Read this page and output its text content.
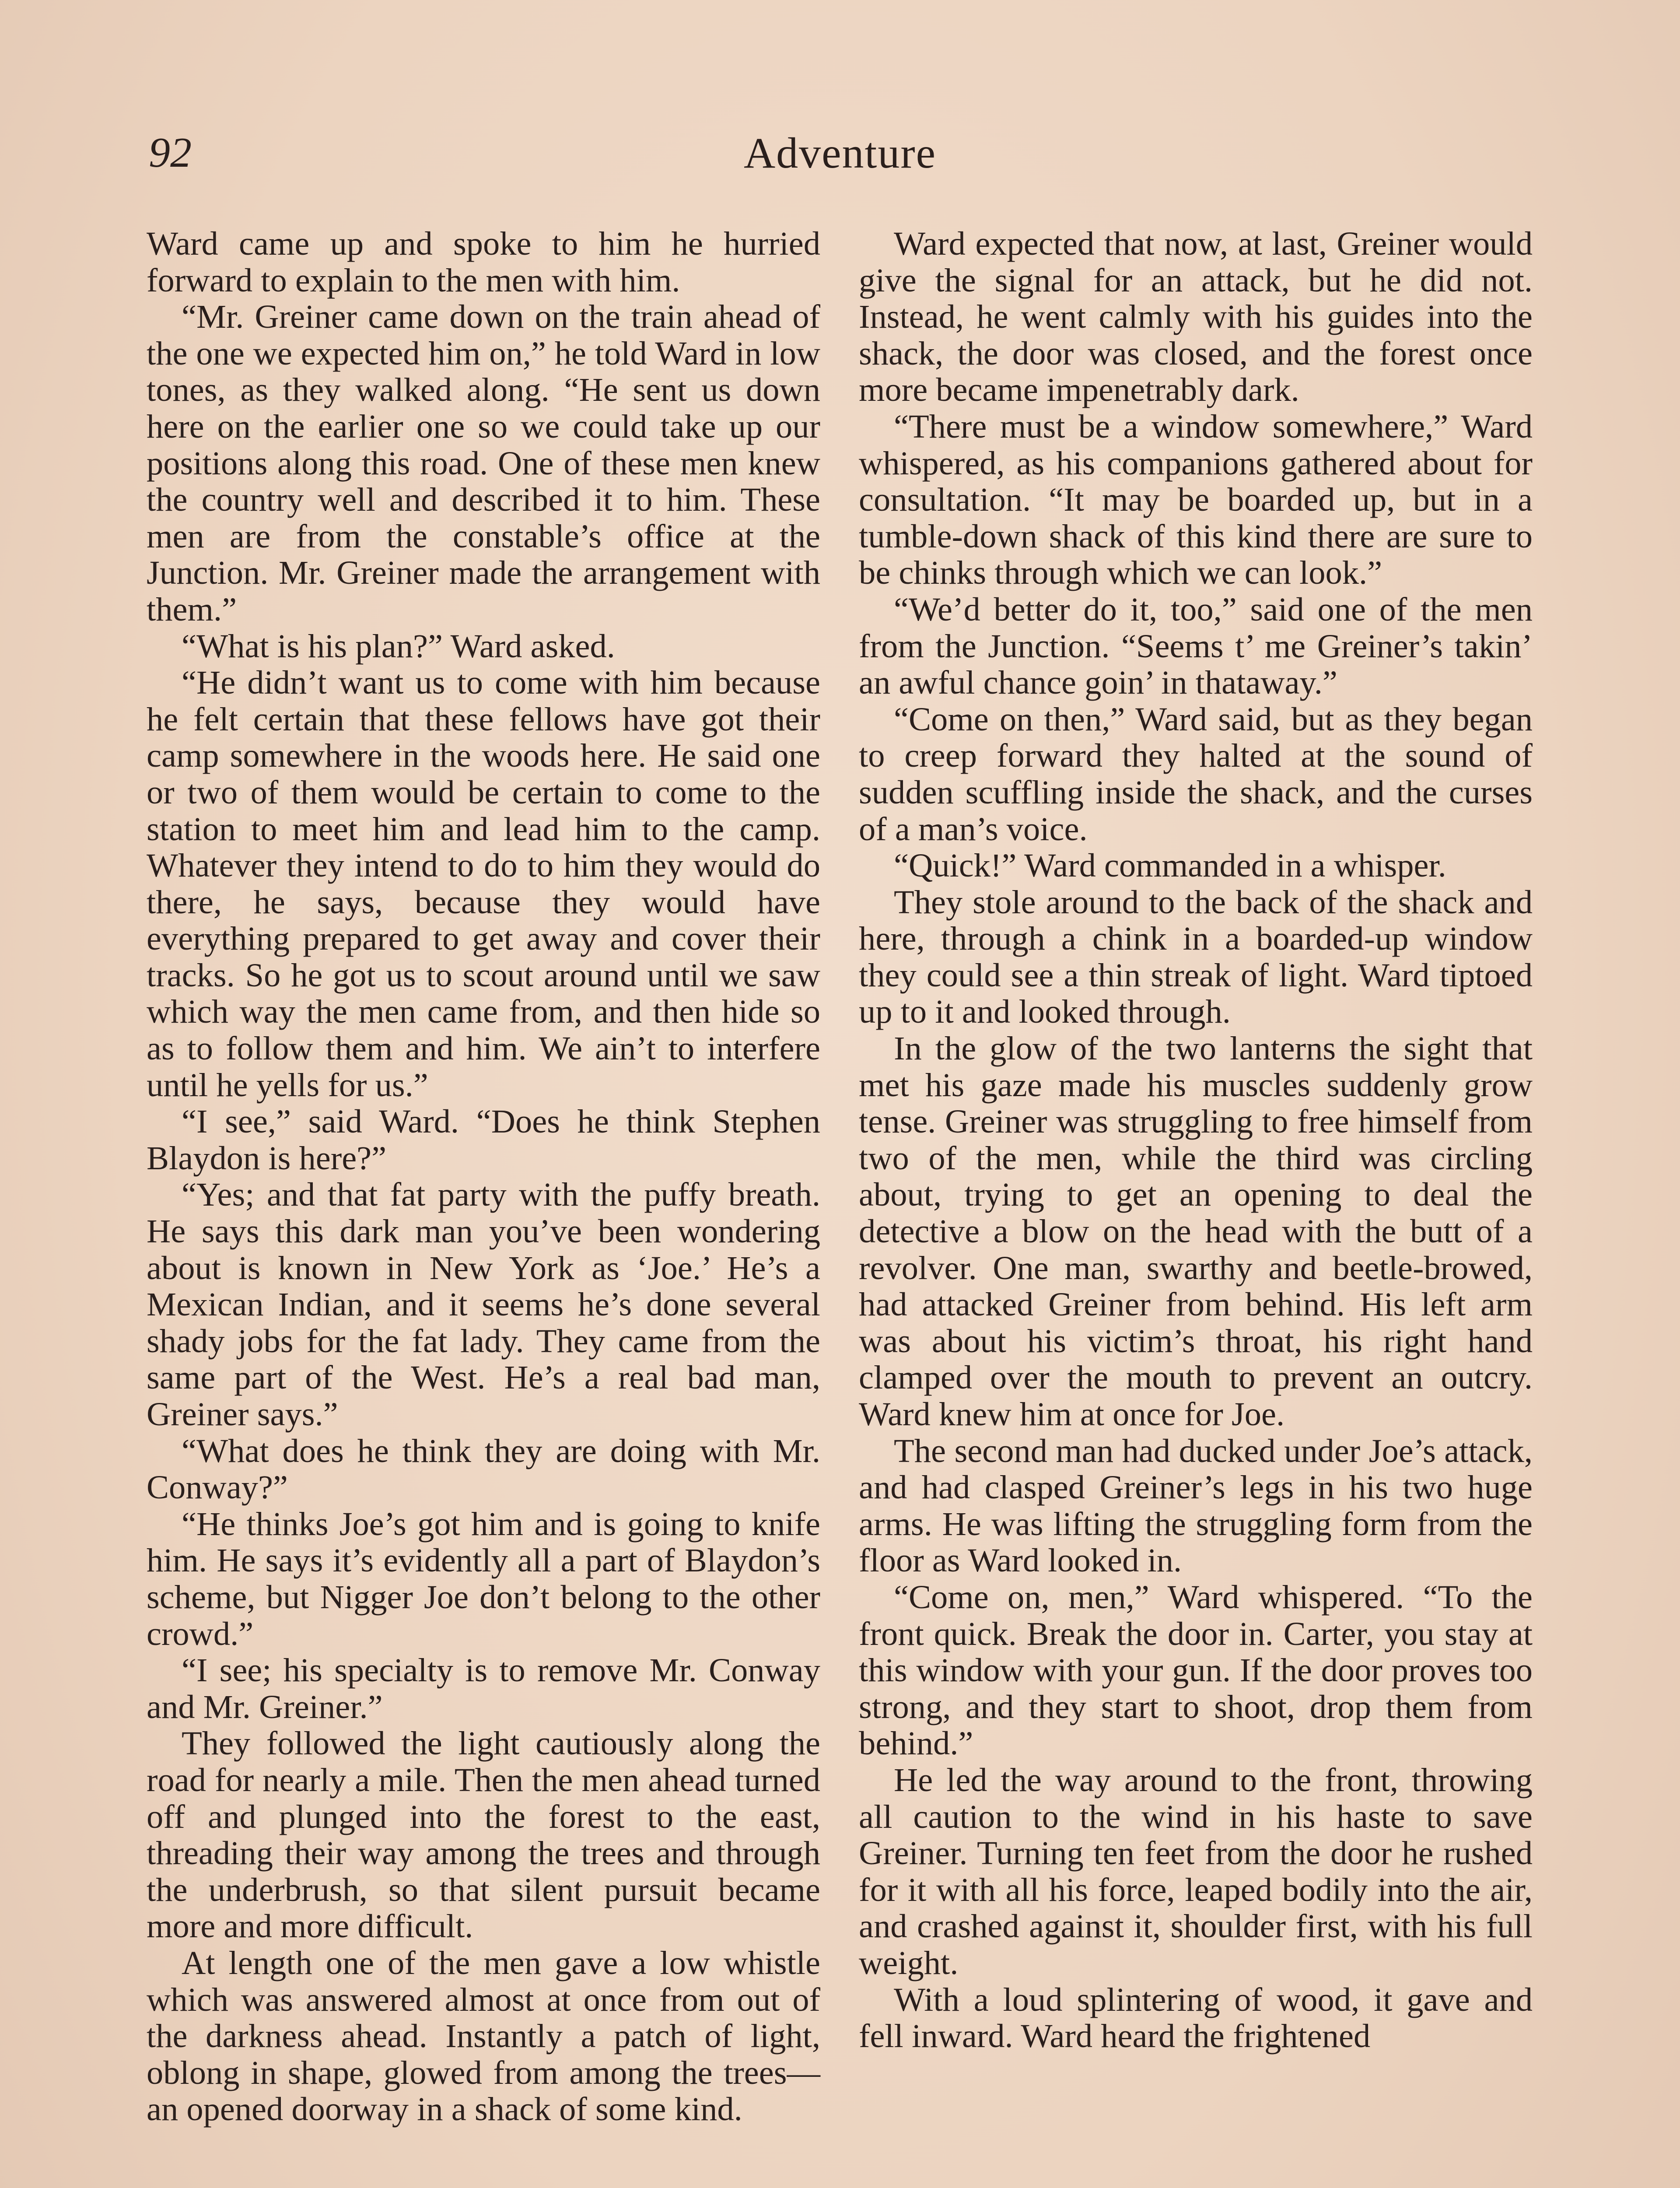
92	Adventure

Ward came up and spoke to him he hurried forward to explain to the men with him.

“Mr. Greiner came down on the train ahead of the one we expected him on,” he told Ward in low tones, as they walked along. “He sent us down here on the earlier one so we could take up our positions along this road. One of these men knew the country well and described it to him. These men are from the constable’s office at the Junction. Mr. Greiner made the arrangement with them.”

“What is his plan?” Ward asked.

“He didn’t want us to come with him because he felt certain that these fellows have got their camp somewhere in the woods here. He said one or two of them would be certain to come to the station to meet him and lead him to the camp. Whatever they intend to do to him they would do there, he says, because they would have everything prepared to get away and cover their tracks. So he got us to scout around until we saw which way the men came from, and then hide so as to follow them and him. We ain’t to interfere until he yells for us.”

“I see,” said Ward. “Does he think Stephen Blaydon is here?”

“Yes; and that fat party with the puffy breath. He says this dark man you’ve been wondering about is known in New York as ‘Joe.’ He’s a Mexican Indian, and it seems he’s done several shady jobs for the fat lady. They came from the same part of the West. He’s a real bad man, Greiner says.”

“What does he think they are doing with Mr. Conway?”

“He thinks Joe’s got him and is going to knife him. He says it’s evidently all a part of Blaydon’s scheme, but Nigger Joe don’t belong to the other crowd.”

“I see; his specialty is to remove Mr. Conway and Mr. Greiner.”

They followed the light cautiously along the road for nearly a mile. Then the men ahead turned off and plunged into the forest to the east, threading their way among the trees and through the underbrush, so that silent pursuit became more and more difficult.

At length one of the men gave a low whistle which was answered almost at once from out of the darkness ahead. Instantly a patch of light, oblong in shape, glowed from among the trees—an opened doorway in a shack of some kind.

Ward expected that now, at last, Greiner would give the signal for an attack, but he did not. Instead, he went calmly with his guides into the shack, the door was closed, and the forest once more became impenetrably dark.

“There must be a window somewhere,” Ward whispered, as his companions gathered about for consultation. “It may be boarded up, but in a tumble-down shack of this kind there are sure to be chinks through which we can look.”

“We’d better do it, too,” said one of the men from the Junction. “Seems t’ me Greiner’s takin’ an awful chance goin’ in thataway.”

“Come on then,” Ward said, but as they began to creep forward they halted at the sound of sudden scuffling inside the shack, and the curses of a man’s voice.

“Quick!” Ward commanded in a whisper.

They stole around to the back of the shack and here, through a chink in a boarded-up window they could see a thin streak of light. Ward tiptoed up to it and looked through.

In the glow of the two lanterns the sight that met his gaze made his muscles suddenly grow tense. Greiner was struggling to free himself from two of the men, while the third was circling about, trying to get an opening to deal the detective a blow on the head with the butt of a revolver. One man, swarthy and beetle-browed, had attacked Greiner from behind. His left arm was about his victim’s throat, his right hand clamped over the mouth to prevent an outcry. Ward knew him at once for Joe.

The second man had ducked under Joe’s attack, and had clasped Greiner’s legs in his two huge arms. He was lifting the struggling form from the floor as Ward looked in.

“Come on, men,” Ward whispered. “To the front quick. Break the door in. Carter, you stay at this window with your gun. If the door proves too strong, and they start to shoot, drop them from behind.”

He led the way around to the front, throwing all caution to the wind in his haste to save Greiner. Turning ten feet from the door he rushed for it with all his force, leaped bodily into the air, and crashed against it, shoulder first, with his full weight.

With a loud splintering of wood, it gave and fell inward. Ward heard the frightened
